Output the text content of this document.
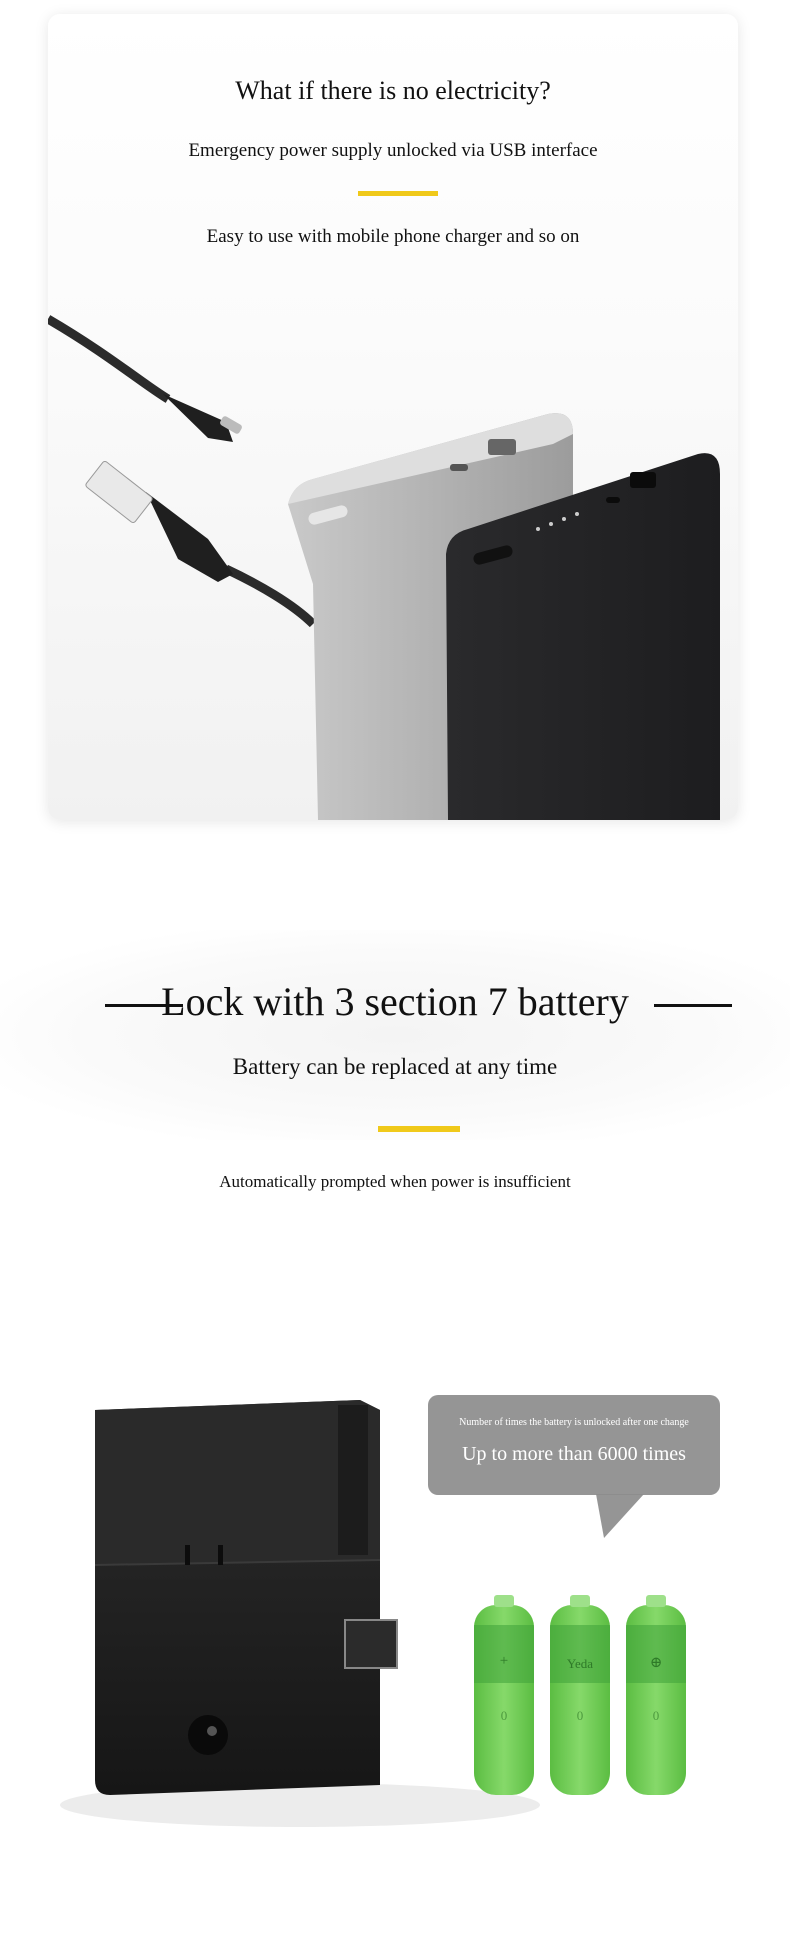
What if there is no electricity?
Emergency power supply unlocked via USB interface
Easy to use with mobile phone charger and so on
Lock with 3 section 7 battery
Battery can be replaced at any time
Automatically prompted when power is insufficient
+	Yeda	⊕
0	0	0
Number of times the battery is unlocked after one change
Up to more than 6000 times
